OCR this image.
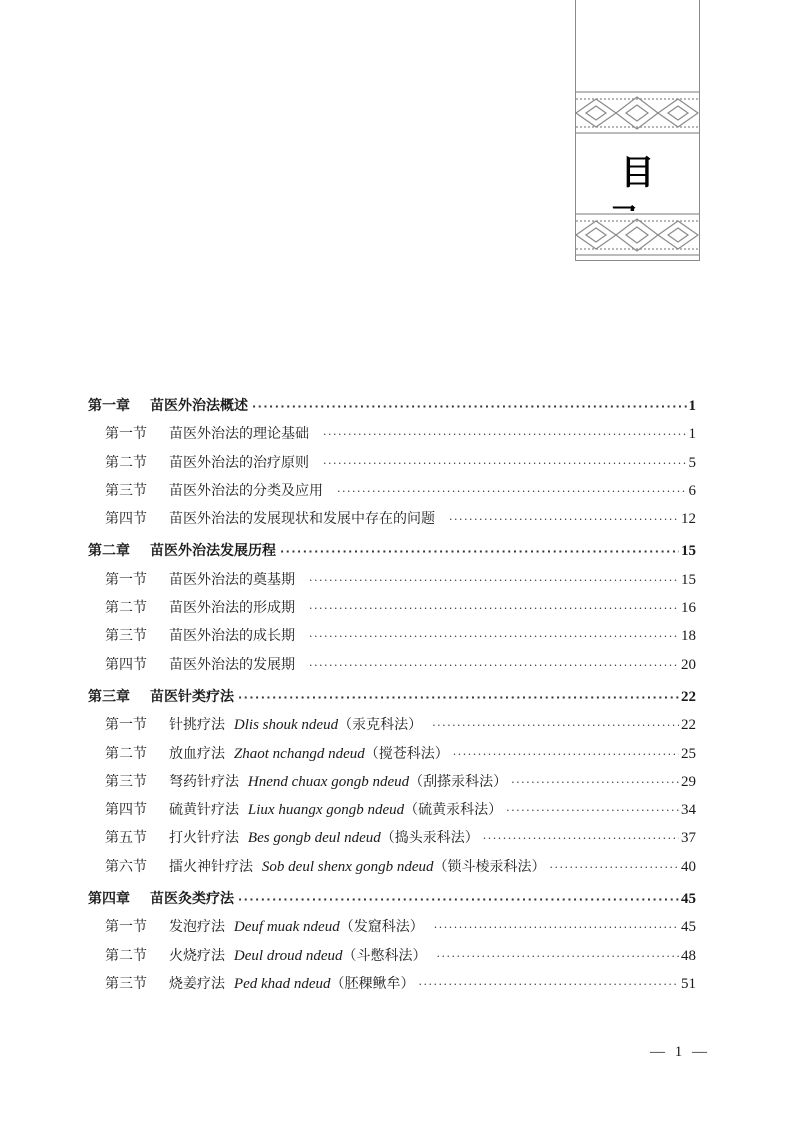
目
第一章	苗医外治法概述 ·····	1
第一节	苗医外治法的理论基础 ·····	1
第二节	苗医外治法的治疗原则 ·····	5
第三节	苗医外治法的分类及应用 ·····	6
第四节	苗医外治法的发展现状和发展中存在的问题 ·····	12
第二章	苗医外治法发展历程 ·····	15
第一节	苗医外治法的奠基期 ·····	15
第二节	苗医外治法的形成期 ·····	16
第三节	苗医外治法的成长期 ·····	18
第四节	苗医外治法的发展期 ·····	20
第三章	苗医针类疗法 ·····	22
第一节	针挑疗法 Dlis shouk ndeud（汞克科法） ·····	22
第二节	放血疗法 Zhaot nchangd ndeud（搅苍科法） ·····	25
第三节	弩药针疗法 Hnend chuax gongb ndeud（刮搽汞科法） ·····	29
第四节	硫黄针疗法 Liux huangx gongb ndeud（硫黄汞科法） ·····	34
第五节	打火针疗法 Bes gongb deul ndeud（捣头汞科法） ·····	37
第六节	擂火神针疗法 Sob deul shenx gongb ndeud（锁斗棱汞科法） ·····	40
第四章	苗医灸类疗法 ·····	45
第一节	发泡疗法 Deuf muak ndeud（发窟科法） ·····	45
第二节	火烧疗法 Deul droud ndeud（斗憋科法） ·····	48
第三节	烧姜疗法 Ped khad ndeud（胚稞鳅牟） ·····	51
— 1 —
